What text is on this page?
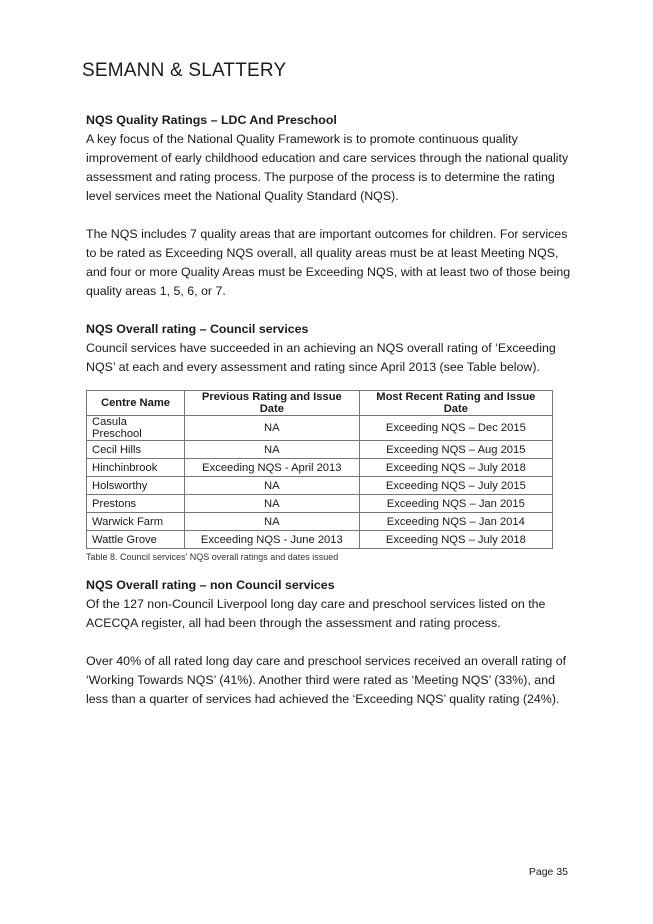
SEMANN & SLATTERY
NQS Quality Ratings – LDC And Preschool

A key focus of the National Quality Framework is to promote continuous quality improvement of early childhood education and care services through the national quality assessment and rating process. The purpose of the process is to determine the rating level services meet the National Quality Standard (NQS).

The NQS includes 7 quality areas that are important outcomes for children. For services to be rated as Exceeding NQS overall, all quality areas must be at least Meeting NQS, and four or more Quality Areas must be Exceeding NQS, with at least two of those being quality areas 1, 5, 6, or 7.

NQS Overall rating – Council services

Council services have succeeded in an achieving an NQS overall rating of ‘Exceeding NQS’ at each and every assessment and rating since April 2013 (see Table below).

Centre Name	Previous Rating and Issue Date	Most Recent Rating and Issue Date
Casula Preschool	NA	Exceeding NQS – Dec 2015
Cecil Hills	NA	Exceeding NQS – Aug 2015
Hinchinbrook	Exceeding NQS - April 2013	Exceeding NQS – July 2018
Holsworthy	NA	Exceeding NQS – July 2015
Prestons	NA	Exceeding NQS – Jan 2015
Warwick Farm	NA	Exceeding NQS – Jan 2014
Wattle Grove	Exceeding NQS - June 2013	Exceeding NQS – July 2018
Table 8. Council services’ NQS overall ratings and dates issued
NQS Overall rating – non Council services

Of the 127 non-Council Liverpool long day care and preschool services listed on the ACECQA register, all had been through the assessment and rating process.

Over 40% of all rated long day care and preschool services received an overall rating of ‘Working Towards NQS’ (41%). Another third were rated as ‘Meeting NQS’ (33%), and less than a quarter of services had achieved the ‘Exceeding NQS’ quality rating (24%).

Page 35
